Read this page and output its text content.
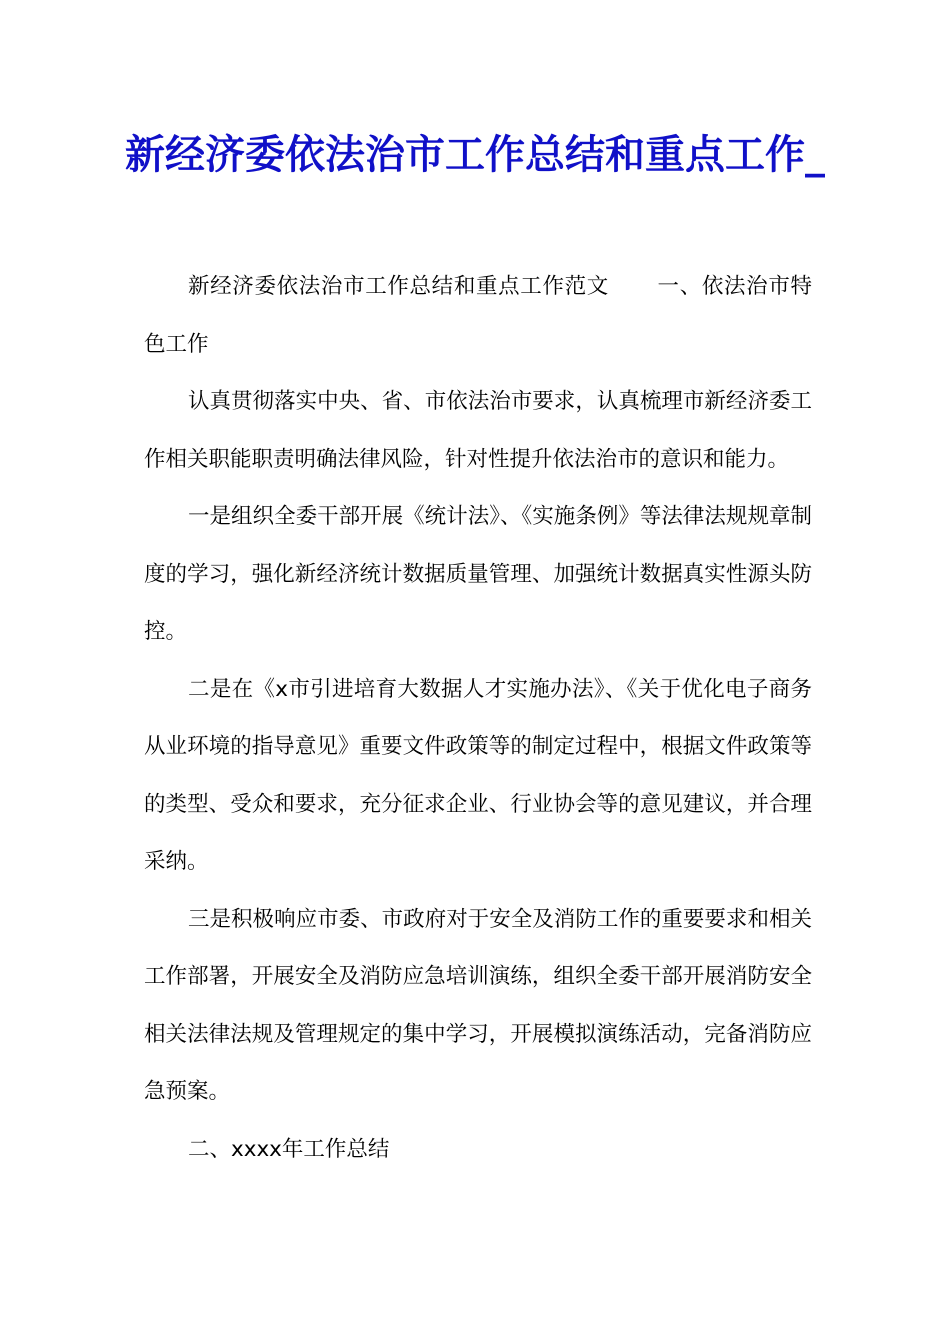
新经济委依法治市工作总结和重点工作_

新经济委依法治市工作总结和重点工作范文 一、依法治市特色工作

认真贯彻落实中央、省、市依法治市要求，认真梳理市新经济委工作相关职能职责明确法律风险，针对性提升依法治市的意识和能力。

一是组织全委干部开展《统计法》、《实施条例》等法律法规规章制度的学习，强化新经济统计数据质量管理、加强统计数据真实性源头防控。

二是在《x市引进培育大数据人才实施办法》、《关于优化电子商务从业环境的指导意见》重要文件政策等的制定过程中，根据文件政策等的类型、受众和要求，充分征求企业、行业协会等的意见建议，并合理采纳。

三是积极响应市委、市政府对于安全及消防工作的重要要求和相关工作部署，开展安全及消防应急培训演练，组织全委干部开展消防安全相关法律法规及管理规定的集中学习，开展模拟演练活动，完备消防应急预案。

二、xxxx年工作总结
